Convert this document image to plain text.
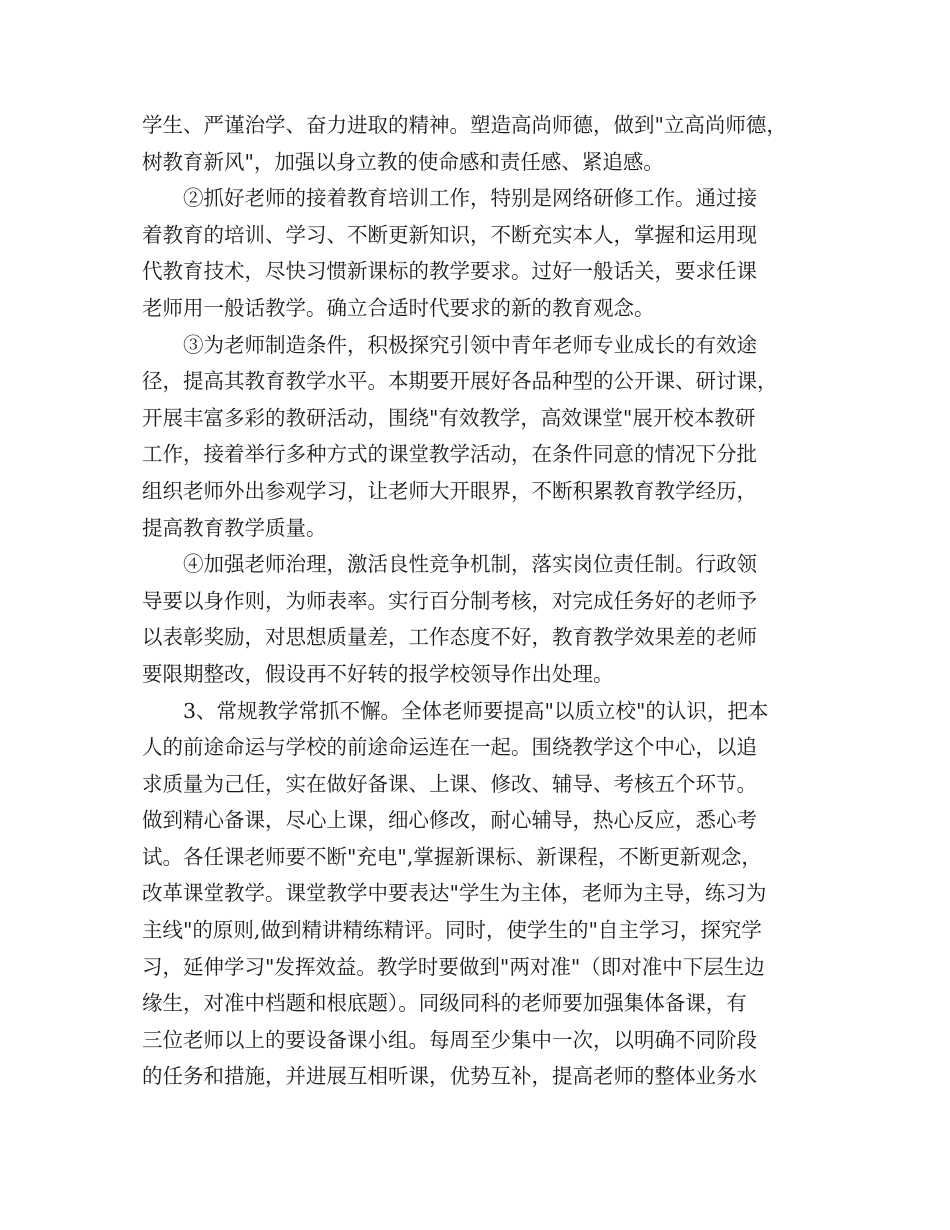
学生、严谨治学、奋力进取的精神。塑造高尚师德，做到"立高尚师德，
树教育新风"，加强以身立教的使命感和责任感、紧追感。
②抓好老师的接着教育培训工作，特别是网络研修工作。通过接
着教育的培训、学习、不断更新知识，不断充实本人，掌握和运用现
代教育技术，尽快习惯新课标的教学要求。过好一般话关，要求任课
老师用一般话教学。确立合适时代要求的新的教育观念。
③为老师制造条件，积极探究引领中青年老师专业成长的有效途
径，提高其教育教学水平。本期要开展好各品种型的公开课、研讨课，
开展丰富多彩的教研活动，围绕"有效教学，高效课堂"展开校本教研
工作，接着举行多种方式的课堂教学活动，在条件同意的情况下分批
组织老师外出参观学习，让老师大开眼界，不断积累教育教学经历，
提高教育教学质量。
④加强老师治理，激活良性竞争机制，落实岗位责任制。行政领
导要以身作则，为师表率。实行百分制考核，对完成任务好的老师予
以表彰奖励，对思想质量差，工作态度不好，教育教学效果差的老师
要限期整改，假设再不好转的报学校领导作出处理。
3、常规教学常抓不懈。全体老师要提高"以质立校"的认识，把本
人的前途命运与学校的前途命运连在一起。围绕教学这个中心，以追
求质量为己任，实在做好备课、上课、修改、辅导、考核五个环节。
做到精心备课，尽心上课，细心修改，耐心辅导，热心反应，悉心考
试。各任课老师要不断"充电",掌握新课标、新课程，不断更新观念，
改革课堂教学。课堂教学中要表达"学生为主体，老师为主导，练习为
主线"的原则,做到精讲精练精评。同时，使学生的"自主学习，探究学
习，延伸学习"发挥效益。教学时要做到"两对准"（即对准中下层生边
缘生，对准中档题和根底题）。同级同科的老师要加强集体备课，有
三位老师以上的要设备课小组。每周至少集中一次，以明确不同阶段
的任务和措施，并进展互相听课，优势互补，提高老师的整体业务水
